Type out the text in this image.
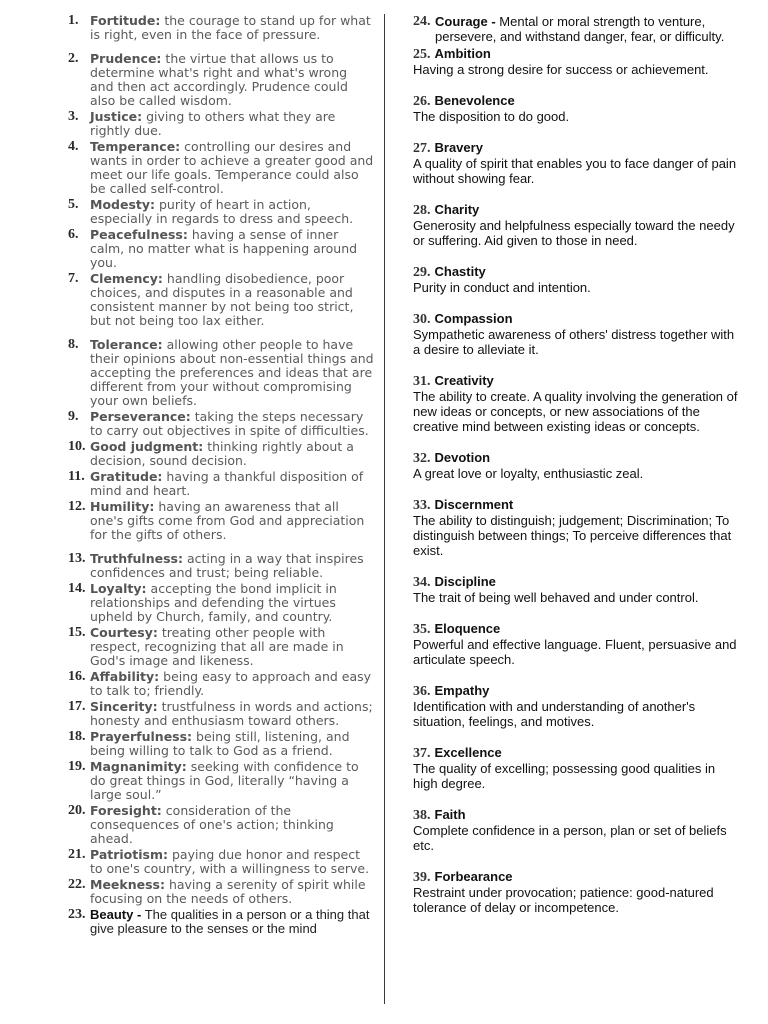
1. Fortitude: the courage to stand up for what is right, even in the face of pressure.
2. Prudence: the virtue that allows us to determine what's right and what's wrong and then act accordingly. Prudence could also be called wisdom.
3. Justice: giving to others what they are rightly due.
4. Temperance: controlling our desires and wants in order to achieve a greater good and meet our life goals. Temperance could also be called self-control.
5. Modesty: purity of heart in action, especially in regards to dress and speech.
6. Peacefulness: having a sense of inner calm, no matter what is happening around you.
7. Clemency: handling disobedience, poor choices, and disputes in a reasonable and consistent manner by not being too strict, but not being too lax either.
8. Tolerance: allowing other people to have their opinions about non-essential things and accepting the preferences and ideas that are different from your without compromising your own beliefs.
9. Perseverance: taking the steps necessary to carry out objectives in spite of difficulties.
10. Good judgment: thinking rightly about a decision, sound decision.
11. Gratitude: having a thankful disposition of mind and heart.
12. Humility: having an awareness that all one's gifts come from God and appreciation for the gifts of others.
13. Truthfulness: acting in a way that inspires confidences and trust; being reliable.
14. Loyalty: accepting the bond implicit in relationships and defending the virtues upheld by Church, family, and country.
15. Courtesy: treating other people with respect, recognizing that all are made in God's image and likeness.
16. Affability: being easy to approach and easy to talk to; friendly.
17. Sincerity: trustfulness in words and actions; honesty and enthusiasm toward others.
18. Prayerfulness: being still, listening, and being willing to talk to God as a friend.
19. Magnanimity: seeking with confidence to do great things in God, literally “having a large soul.”
20. Foresight: consideration of the consequences of one's action; thinking ahead.
21. Patriotism: paying due honor and respect to one's country, with a willingness to serve.
22. Meekness: having a serenity of spirit while focusing on the needs of others.
23. Beauty - The qualities in a person or a thing that give pleasure to the senses or the mind
24. Courage - Mental or moral strength to venture, persevere, and withstand danger, fear, or difficulty.
25. Ambition
Having a strong desire for success or achievement.
26. Benevolence
The disposition to do good.
27. Bravery
A quality of spirit that enables you to face danger of pain without showing fear.
28. Charity
Generosity and helpfulness especially toward the needy or suffering. Aid given to those in need.
29. Chastity
Purity in conduct and intention.
30. Compassion
Sympathetic awareness of others' distress together with a desire to alleviate it.
31. Creativity
The ability to create. A quality involving the generation of new ideas or concepts, or new associations of the creative mind between existing ideas or concepts.
32. Devotion
A great love or loyalty, enthusiastic zeal.
33. Discernment
The ability to distinguish; judgement; Discrimination; To distinguish between things; To perceive differences that exist.
34. Discipline
The trait of being well behaved and under control.
35. Eloquence
Powerful and effective language. Fluent, persuasive and articulate speech.
36. Empathy
Identification with and understanding of another's situation, feelings, and motives.
37. Excellence
The quality of excelling; possessing good qualities in high degree.
38. Faith
Complete confidence in a person, plan or set of beliefs etc.
39. Forbearance
Restraint under provocation; patience: good-natured tolerance of delay or incompetence.
